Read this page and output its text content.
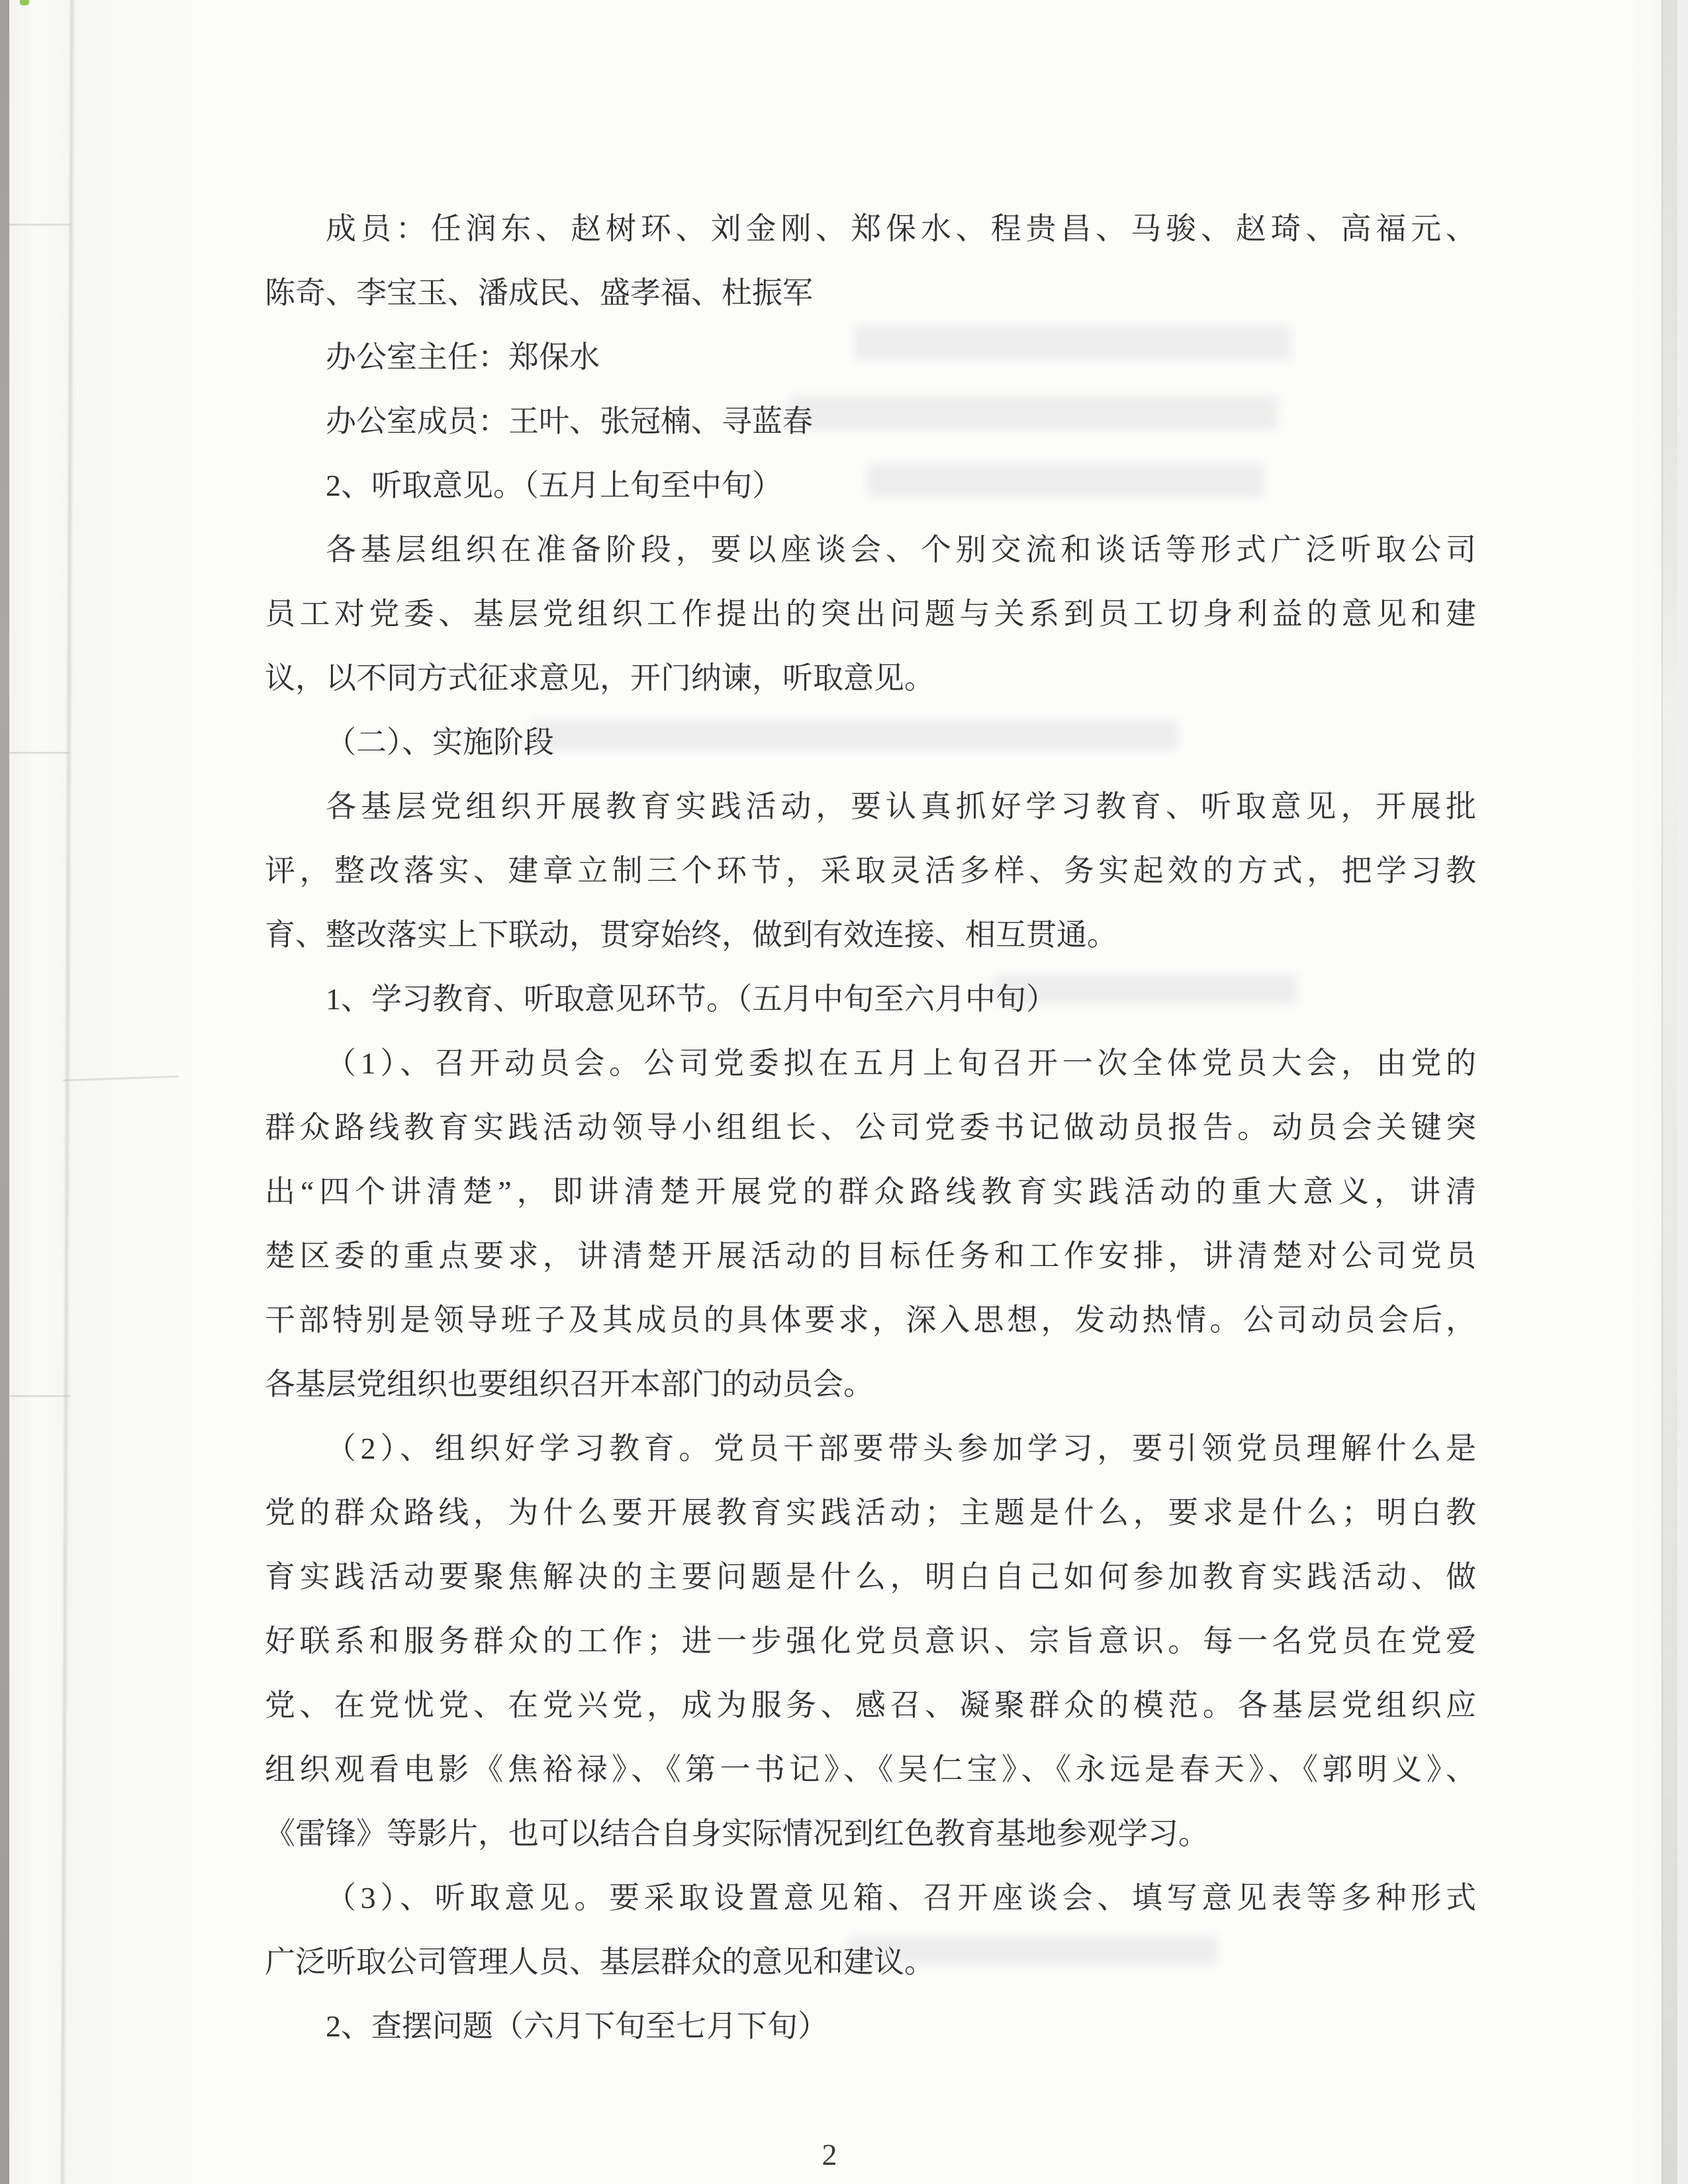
成员：任润东、赵树环、刘金刚、郑保水、程贵昌、马骏、赵琦、高福元、
陈奇、李宝玉、潘成民、盛孝福、杜振军
办公室主任：郑保水
办公室成员：王叶、张冠楠、寻蓝春
2、听取意见。（五月上旬至中旬）
各基层组织在准备阶段，要以座谈会、个别交流和谈话等形式广泛听取公司
员工对党委、基层党组织工作提出的突出问题与关系到员工切身利益的意见和建
议，以不同方式征求意见，开门纳谏，听取意见。
（二）、实施阶段
各基层党组织开展教育实践活动，要认真抓好学习教育、听取意见，开展批
评，整改落实、建章立制三个环节，采取灵活多样、务实起效的方式，把学习教
育、整改落实上下联动，贯穿始终，做到有效连接、相互贯通。
1、学习教育、听取意见环节。（五月中旬至六月中旬）
（1）、召开动员会。公司党委拟在五月上旬召开一次全体党员大会，由党的
群众路线教育实践活动领导小组组长、公司党委书记做动员报告。动员会关键突
出“四个讲清楚”，即讲清楚开展党的群众路线教育实践活动的重大意义，讲清
楚区委的重点要求，讲清楚开展活动的目标任务和工作安排，讲清楚对公司党员
干部特别是领导班子及其成员的具体要求，深入思想，发动热情。公司动员会后，
各基层党组织也要组织召开本部门的动员会。
（2）、组织好学习教育。党员干部要带头参加学习，要引领党员理解什么是
党的群众路线，为什么要开展教育实践活动；主题是什么，要求是什么；明白教
育实践活动要聚焦解决的主要问题是什么，明白自己如何参加教育实践活动、做
好联系和服务群众的工作；进一步强化党员意识、宗旨意识。每一名党员在党爱
党、在党忧党、在党兴党，成为服务、感召、凝聚群众的模范。各基层党组织应
组织观看电影《焦裕禄》、《第一书记》、《吴仁宝》、《永远是春天》、《郭明义》、
《雷锋》等影片，也可以结合自身实际情况到红色教育基地参观学习。
（3）、听取意见。要采取设置意见箱、召开座谈会、填写意见表等多种形式
广泛听取公司管理人员、基层群众的意见和建议。
2、查摆问题（六月下旬至七月下旬）
2
